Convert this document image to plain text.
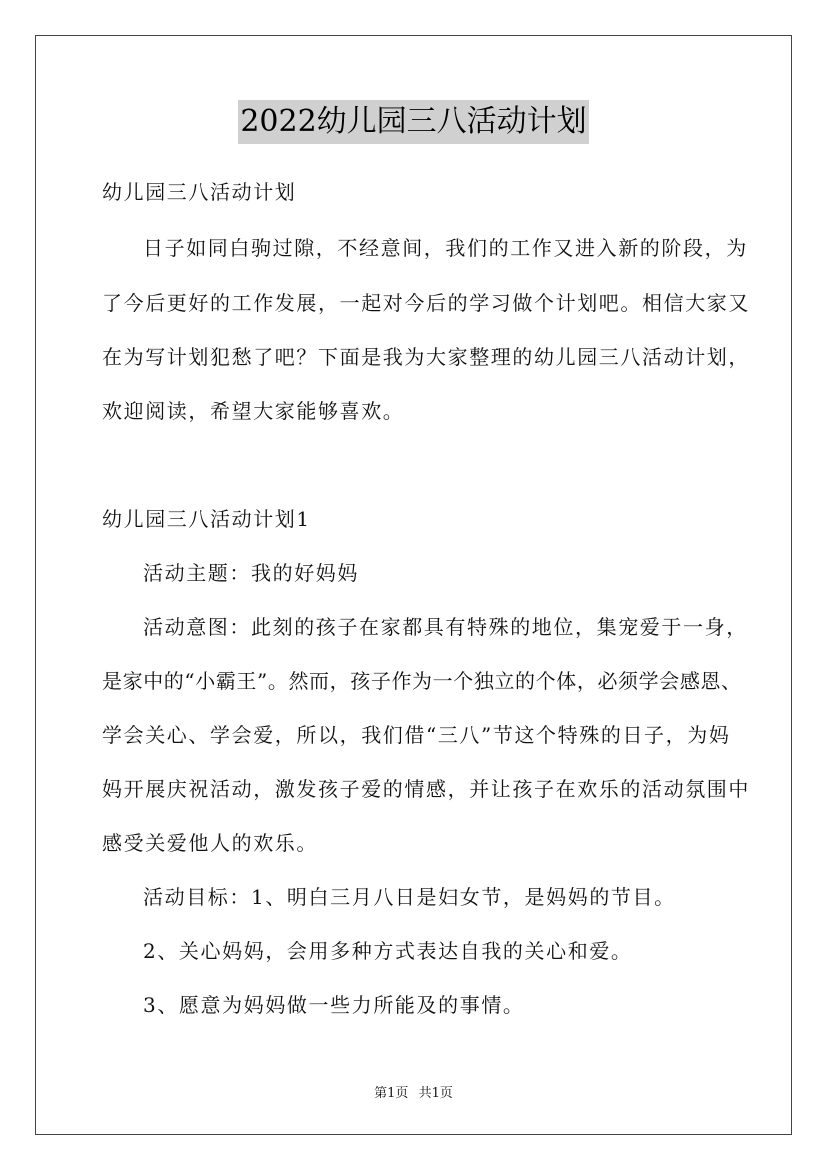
2022幼儿园三八活动计划
幼儿园三八活动计划
日子如同白驹过隙，不经意间，我们的工作又进入新的阶段，为
了今后更好的工作发展，一起对今后的学习做个计划吧。相信大家又
在为写计划犯愁了吧？下面是我为大家整理的幼儿园三八活动计划，
欢迎阅读，希望大家能够喜欢。
幼儿园三八活动计划1
活动主题：我的好妈妈
活动意图：此刻的孩子在家都具有特殊的地位，集宠爱于一身，
是家中的“小霸王”。然而，孩子作为一个独立的个体，必须学会感恩、
学会关心、学会爱，所以，我们借“三八”节这个特殊的日子，为妈
妈开展庆祝活动，激发孩子爱的情感，并让孩子在欢乐的活动氛围中
感受关爱他人的欢乐。
活动目标：1、明白三月八日是妇女节，是妈妈的节目。
2、关心妈妈，会用多种方式表达自我的关心和爱。
3、愿意为妈妈做一些力所能及的事情。
第1页 共1页
